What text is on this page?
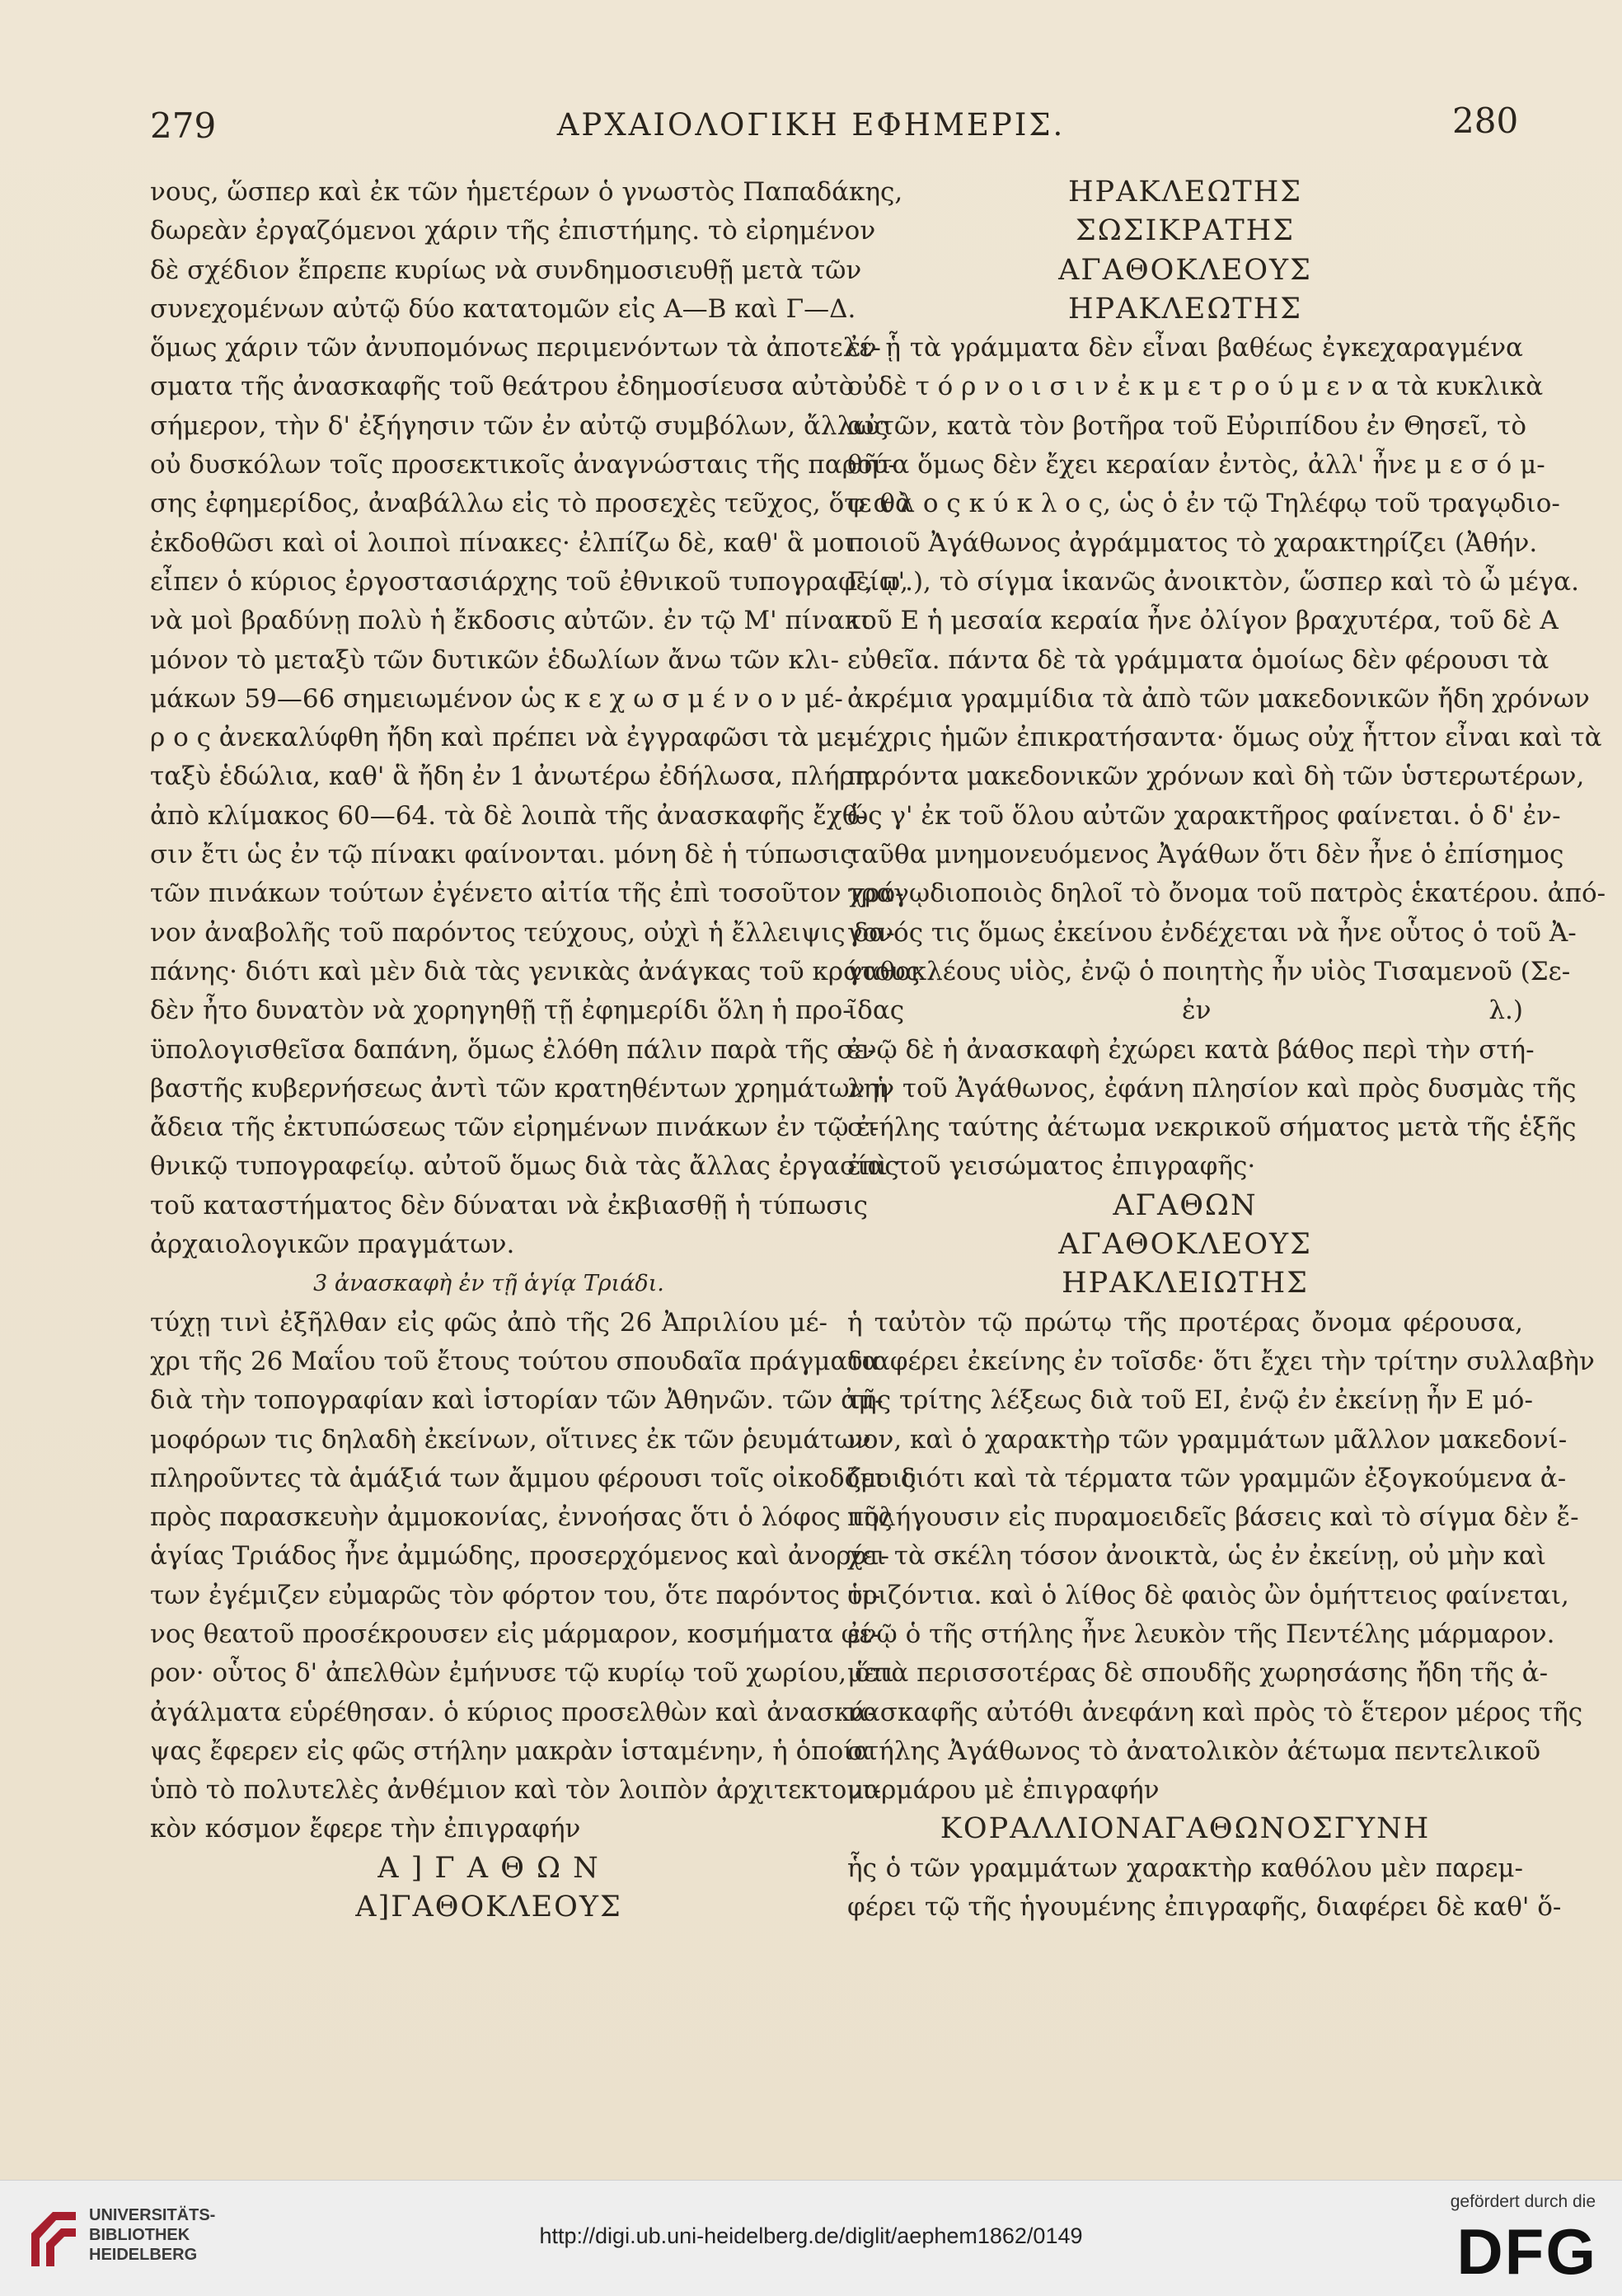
279	ΑΡΧΑΙΟΛΟΓΙΚΗ ΕΦΗΜΕΡΙΣ.	280
νους, ὥσπερ καὶ ἐκ τῶν ἡμετέρων ὁ γνωστὸς Παπαδάκης,
δωρεὰν ἐργαζόμενοι χάριν τῆς ἐπιστήμης. τὸ εἰρημένον
δὲ σχέδιον ἔπρεπε κυρίως νὰ συνδημοσιευθῇ μετὰ τῶν
συνεχομένων αὐτῷ δύο κατατομῶν εἰς Α—Β καὶ Γ—Δ.
ὅμως χάριν τῶν ἀνυπομόνως περιμενόντων τὰ ἀποτελέ-
σματα τῆς ἀνασκαφῆς τοῦ θεάτρου ἐδημοσίευσα αὐτὸ
σήμερον, τὴν δ' ἐξήγησιν τῶν ἐν αὐτῷ συμβόλων, ἄλλως
οὐ δυσκόλων τοῖς προσεκτικοῖς ἀναγνώσταις τῆς παρού-
σης ἐφημερίδος, ἀναβάλλω εἰς τὸ προσεχὲς τεῦχος, ὅτε θὰ
ἐκδοθῶσι καὶ οἱ λοιποὶ πίνακες· ἐλπίζω δὲ, καθ' ἃ μοι
εἶπεν ὁ κύριος ἐργοστασιάρχης τοῦ ἐθνικοῦ τυπογραφείῳ,
νὰ μοὶ βραδύνῃ πολὺ ἡ ἔκδοσις αὐτῶν. ἐν τῷ Μ' πίνακι
μόνον τὸ μεταξὺ τῶν δυτικῶν ἑδωλίων ἄνω τῶν κλι-
μάκων 59—66 σημειωμένον ὡς κ ε χ ω σ μ έ ν ο ν μέ-
ρ ο ς ἀνεκαλύφθη ἤδη καὶ πρέπει νὰ ἐγγραφῶσι τὰ με-
ταξὺ ἑδώλια, καθ' ἃ ἤδη ἐν 1 ἀνωτέρω ἐδήλωσα, πλήρη
ἀπὸ κλίμακος 60—64. τὰ δὲ λοιπὰ τῆς ἀνασκαφῆς ἔχθ-
σιν ἔτι ὡς ἐν τῷ πίνακι φαίνονται. μόνη δὲ ἡ τύπωσις
τῶν πινάκων τούτων ἐγένετο αἰτία τῆς ἐπὶ τοσοῦτον χρό-
νον ἀναβολῆς τοῦ παρόντος τεύχους, οὐχὶ ἡ ἔλλειψις δα-
πάνης· διότι καὶ μὲν διὰ τὰς γενικὰς ἀνάγκας τοῦ κράτους
δὲν ἦτο δυνατὸν νὰ χορηγηθῇ τῇ ἐφημερίδι ὅλη ἡ προ-
ϋπολογισθεῖσα δαπάνη, ὅμως ἐλόθη πάλιν παρὰ τῆς σε-
βαστῆς κυβερνήσεως ἀντὶ τῶν κρατηθέντων χρημάτων ἡ
ἄδεια τῆς ἐκτυπώσεως τῶν εἰρημένων πινάκων ἐν τῷ ἐ-
θνικῷ τυπογραφείῳ. αὐτοῦ ὅμως διὰ τὰς ἄλλας ἐργασίας
τοῦ καταστήματος δὲν δύναται νὰ ἐκβιασθῇ ἡ τύπωσις
ἀρχαιολογικῶν πραγμάτων.
3 ἀνασκαφὴ ἐν τῇ ἁγίᾳ Τριάδι.
τύχῃ τινὶ ἐξῆλθαν εἰς φῶς ἀπὸ τῆς 26 Ἀπριλίου μέ-
χρι τῆς 26 Μαΐου τοῦ ἔτους τούτου σπουδαῖα πράγματα
διὰ τὴν τοπογραφίαν καὶ ἱστορίαν τῶν Ἀθηνῶν. τῶν ἀμ-
μοφόρων τις δηλαδὴ ἐκείνων, οἵτινες ἐκ τῶν ῥευμάτων
πληροῦντες τὰ ἁμάξιά των ἄμμου φέρουσι τοῖς οἰκοδόμοις
πρὸς παρασκευὴν ἀμμοκονίας, ἐννοήσας ὅτι ὁ λόφος τῆς
ἁγίας Τριάδος ἦνε ἀμμώδης, προσερχόμενος καὶ ἀνορύτ-
των ἐγέμιζεν εὐμαρῶς τὸν φόρτον του, ὅτε παρόντος τι-
νος θεατοῦ προσέκρουσεν εἰς μάρμαρον, κοσμήματα φέ-
ρον· οὗτος δ' ἀπελθὼν ἐμήνυσε τῷ κυρίῳ τοῦ χωρίου, ὅτι
ἀγάλματα εὑρέθησαν. ὁ κύριος προσελθὼν καὶ ἀνασκά-
ψας ἔφερεν εἰς φῶς στήλην μακρὰν ἱσταμένην, ἡ ὁποία
ὑπὸ τὸ πολυτελὲς ἀνθέμιον καὶ τὸν λοιπὸν ἀρχιτεκτονι-
κὸν κόσμον ἔφερε τὴν ἐπιγραφήν
Α ] Γ Α Θ Ω Ν
Α]ΓΑΘΟΚΛΕΟΥΣ
ΗΡΑΚΛΕΩΤΗΣ
ΣΩΣΙΚΡΑΤΗΣ
ΑΓΑΘΟΚΛΕΟΥΣ
ΗΡΑΚΛΕΩΤΗΣ
ἐν ᾗ τὰ γράμματα δὲν εἶναι βαθέως ἐγκεχαραγμένα
οὐδὲ τ ό ρ ν ο ι σ ι ν ἐ κ μ ε τ ρ ο ύ μ ε ν α τὰ κυκλικὰ
αὐτῶν, κατὰ τὸν βοτῆρα τοῦ Εὐριπίδου ἐν Θησεῖ, τὸ
θῆτα ὅμως δὲν ἔχει κεραίαν ἐντὸς, ἀλλ' ἦνε μ ε σ ό μ-
φ α λ ο ς κ ύ κ λ ο ς, ὡς ὁ ἐν τῷ Τηλέφῳ τοῦ τραγῳδιο-
ποιοῦ Ἀγάθωνος ἀγράμματος τὸ χαρακτηρίζει (Ἀθήν.
Γ, π'.), τὸ σίγμα ἱκανῶς ἀνοικτὸν, ὥσπερ καὶ τὸ ὦ μέγα.
τοῦ Ε ἡ μεσαία κεραία ἦνε ὀλίγον βραχυτέρα, τοῦ δὲ Α
εὐθεῖα. πάντα δὲ τὰ γράμματα ὁμοίως δὲν φέρουσι τὰ
ἀκρέμια γραμμίδια τὰ ἀπὸ τῶν μακεδονικῶν ἤδη χρόνων
μέχρις ἡμῶν ἐπικρατήσαντα· ὅμως οὐχ ἧττον εἶναι καὶ τὰ
παρόντα μακεδονικῶν χρόνων καὶ δὴ τῶν ὑστερωτέρων,
ὥς γ' ἐκ τοῦ ὅλου αὐτῶν χαρακτῆρος φαίνεται. ὁ δ' ἐν-
ταῦθα μνημονευόμενος Ἀγάθων ὅτι δὲν ἦνε ὁ ἐπίσημος
τραγῳδιοποιὸς δηλοῖ τὸ ὄνομα τοῦ πατρὸς ἑκατέρου. ἀπό-
γονός τις ὅμως ἐκείνου ἐνδέχεται νὰ ἦνε οὗτος ὁ τοῦ Ἀ-
γαθοκλέους υἱὸς, ἐνῷ ὁ ποιητὴς ἦν υἱὸς Τισαμενοῦ (Σε-
ῖδας ἐν λ.)
ἐνῷ δὲ ἡ ἀνασκαφὴ ἐχώρει κατὰ βάθος περὶ τὴν στή-
λην τοῦ Ἀγάθωνος, ἐφάνη πλησίον καὶ πρὸς δυσμὰς τῆς
στήλης ταύτης ἀέτωμα νεκρικοῦ σήματος μετὰ τῆς ἑξῆς
ἐπὶ τοῦ γεισώματος ἐπιγραφῆς·
ΑΓΑΘΩΝ
ΑΓΑΘΟΚΛΕΟΥΣ
ΗΡΑΚΛΕΙΩΤΗΣ
ἡ ταὐτὸν τῷ πρώτῳ τῆς προτέρας ὄνομα φέρουσα,
διαφέρει ἐκείνης ἐν τοῖσδε· ὅτι ἔχει τὴν τρίτην συλλαβὴν
τῆς τρίτης λέξεως διὰ τοῦ ΕΙ, ἐνῷ ἐν ἐκείνῃ ἦν Ε μό-
νον, καὶ ὁ χαρακτὴρ τῶν γραμμάτων μᾶλλον μακεδονί-
ζει· διότι καὶ τὰ τέρματα τῶν γραμμῶν ἐξογκούμενα ἀ-
πολήγουσιν εἰς πυραμοειδεῖς βάσεις καὶ τὸ σίγμα δὲν ἔ-
χει τὰ σκέλη τόσον ἀνοικτὰ, ὡς ἐν ἐκείνῃ, οὐ μὴν καὶ
ὁριζόντια. καὶ ὁ λίθος δὲ φαιὸς ὢν ὁμήττειος φαίνεται,
ἐνῷ ὁ τῆς στήλης ἦνε λευκὸν τῆς Πεντέλης μάρμαρον.
μετὰ περισσοτέρας δὲ σπουδῆς χωρησάσης ἤδη τῆς ἀ-
νασκαφῆς αὐτόθι ἀνεφάνη καὶ πρὸς τὸ ἕτερον μέρος τῆς
στήλης Ἀγάθωνος τὸ ἀνατολικὸν ἀέτωμα πεντελικοῦ
μαρμάρου μὲ ἐπιγραφήν
ΚΟΡΑΛΛΙΟΝΑΓΑΘΩΝΟΣΓΥΝΗ
ἧς ὁ τῶν γραμμάτων χαρακτὴρ καθόλου μὲν παρεμ-
φέρει τῷ τῆς ἡγουμένης ἐπιγραφῆς, διαφέρει δὲ καθ' ὅ-
UNIVERSITÄTS-
BIBLIOTHEK
HEIDELBERG
http://digi.ub.uni-heidelberg.de/diglit/aephem1862/0149
gefördert durch die
DFG
